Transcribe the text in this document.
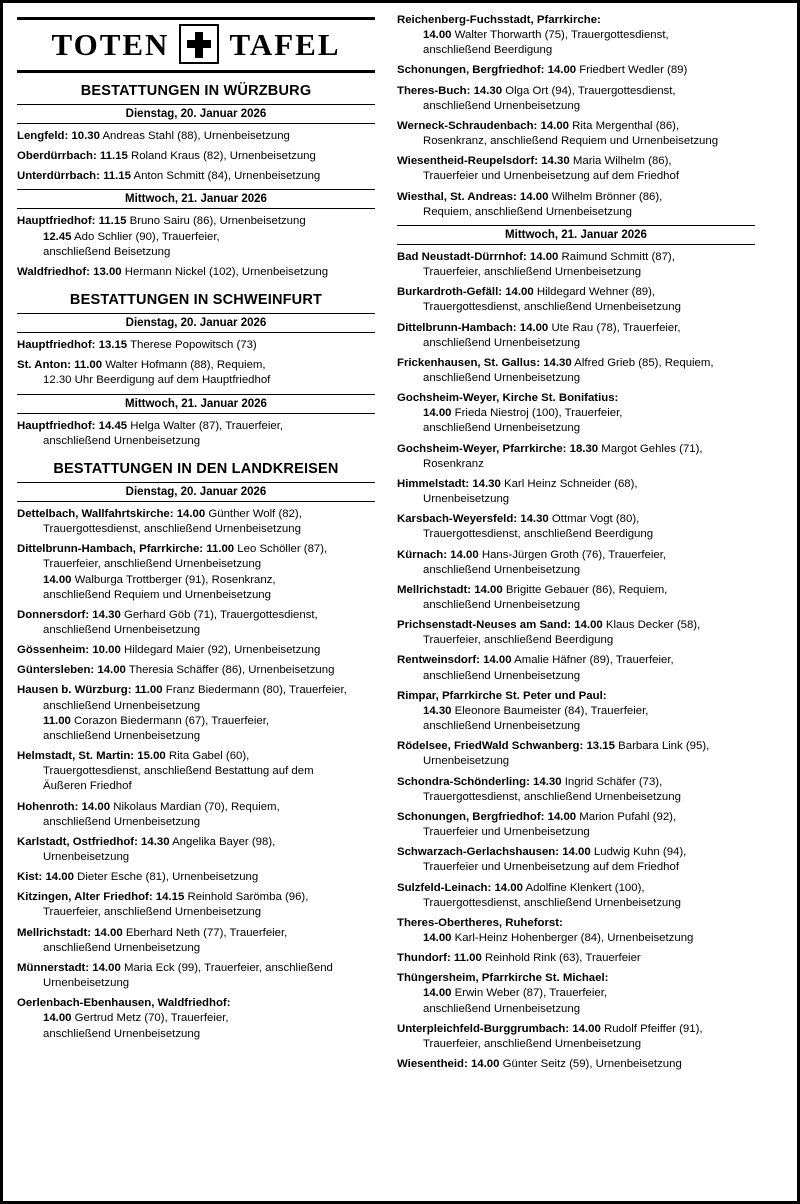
TOTEN TAFEL
BESTATTUNGEN IN WÜRZBURG
Dienstag, 20. Januar 2026
Lengfeld: 10.30 Andreas Stahl (88), Urnenbeisetzung
Oberdürrbach: 11.15 Roland Kraus (82), Urnenbeisetzung
Unterdürrbach: 11.15 Anton Schmitt (84), Urnenbeisetzung
Mittwoch, 21. Januar 2026
Hauptfriedhof: 11.15 Bruno Sairu (86), Urnenbeisetzung
12.45 Ado Schlier (90), Trauerfeier,
anschließend Beisetzung
Waldfriedhof: 13.00 Hermann Nickel (102), Urnenbeisetzung
BESTATTUNGEN IN SCHWEINFURT
Dienstag, 20. Januar 2026
Hauptfriedhof: 13.15 Therese Popowitsch (73)
St. Anton: 11.00 Walter Hofmann (88), Requiem,
12.30 Uhr Beerdigung auf dem Hauptfriedhof
Mittwoch, 21. Januar 2026
Hauptfriedhof: 14.45 Helga Walter (87), Trauerfeier,
anschließend Urnenbeisetzung
BESTATTUNGEN IN DEN LANDKREISEN
Dienstag, 20. Januar 2026
Dettelbach, Wallfahrtskirche: 14.00 Günther Wolf (82),
Trauergottesdienst, anschließend Urnenbeisetzung
Dittelbrunn-Hambach, Pfarrkirche: 11.00 Leo Schöller (87),
Trauerfeier, anschließend Urnenbeisetzung
14.00 Walburga Trottberger (91), Rosenkranz,
anschließend Requiem und Urnenbeisetzung
Donnersdorf: 14.30 Gerhard Göb (71), Trauergottesdienst,
anschließend Urnenbeisetzung
Gössenheim: 10.00 Hildegard Maier (92), Urnenbeisetzung
Güntersleben: 14.00 Theresia Schäffer (86), Urnenbeisetzung
Hausen b. Würzburg: 11.00 Franz Biedermann (80), Trauerfeier,
anschließend Urnenbeisetzung
11.00 Corazon Biedermann (67), Trauerfeier,
anschließend Urnenbeisetzung
Helmstadt, St. Martin: 15.00 Rita Gabel (60),
Trauergottesdienst, anschließend Bestattung auf dem
Äußeren Friedhof
Hohenroth: 14.00 Nikolaus Mardian (70), Requiem,
anschließend Urnenbeisetzung
Karlstadt, Ostfriedhof: 14.30 Angelika Bayer (98),
Urnenbeisetzung
Kist: 14.00 Dieter Esche (81), Urnenbeisetzung
Kitzingen, Alter Friedhof: 14.15 Reinhold Sarömba (96),
Trauerfeier, anschließend Urnenbeisetzung
Mellrichstadt: 14.00 Eberhard Neth (77), Trauerfeier,
anschließend Urnenbeisetzung
Münnerstadt: 14.00 Maria Eck (99), Trauerfeier, anschließend
Urnenbeisetzung
Oerlenbach-Ebenhausen, Waldfriedhof:
14.00 Gertrud Metz (70), Trauerfeier,
anschließend Urnenbeisetzung
Reichenberg-Fuchsstadt, Pfarrkirche:
14.00 Walter Thorwarth (75), Trauergottesdienst,
anschließend Beerdigung
Schonungen, Bergfriedhof: 14.00 Friedbert Wedler (89)
Theres-Buch: 14.30 Olga Ort (94), Trauergottesdienst,
anschließend Urnenbeisetzung
Werneck-Schraudenbach: 14.00 Rita Mergenthal (86),
Rosenkranz, anschließend Requiem und Urnenbeisetzung
Wiesentheid-Reupelsdorf: 14.30 Maria Wilhelm (86),
Trauerfeier und Urnenbeisetzung auf dem Friedhof
Wiesthal, St. Andreas: 14.00 Wilhelm Brönner (86),
Requiem, anschließend Urnenbeisetzung
Mittwoch, 21. Januar 2026
Bad Neustadt-Dürrnhof: 14.00 Raimund Schmitt (87),
Trauerfeier, anschließend Urnenbeisetzung
Burkardroth-Gefäll: 14.00 Hildegard Wehner (89),
Trauergottesdienst, anschließend Urnenbeisetzung
Dittelbrunn-Hambach: 14.00 Ute Rau (78), Trauerfeier,
anschließend Urnenbeisetzung
Frickenhausen, St. Gallus: 14.30 Alfred Grieb (85), Requiem,
anschließend Urnenbeisetzung
Gochsheim-Weyer, Kirche St. Bonifatius:
14.00 Frieda Niestroj (100), Trauerfeier,
anschließend Urnenbeisetzung
Gochsheim-Weyer, Pfarrkirche: 18.30 Margot Gehles (71),
Rosenkranz
Himmelstadt: 14.30 Karl Heinz Schneider (68),
Urnenbeisetzung
Karsbach-Weyersfeld: 14.30 Ottmar Vogt (80),
Trauergottesdienst, anschließend Beerdigung
Kürnach: 14.00 Hans-Jürgen Groth (76), Trauerfeier,
anschließend Urnenbeisetzung
Mellrichstadt: 14.00 Brigitte Gebauer (86), Requiem,
anschließend Urnenbeisetzung
Prichsenstadt-Neuses am Sand: 14.00 Klaus Decker (58),
Trauerfeier, anschließend Beerdigung
Rentweinsdorf: 14.00 Amalie Häfner (89), Trauerfeier,
anschließend Urnenbeisetzung
Rimpar, Pfarrkirche St. Peter und Paul:
14.30 Eleonore Baumeister (84), Trauerfeier,
anschließend Urnenbeisetzung
Rödelsee, FriedWald Schwanberg: 13.15 Barbara Link (95),
Urnenbeisetzung
Schondra-Schönderling: 14.30 Ingrid Schäfer (73),
Trauergottesdienst, anschließend Urnenbeisetzung
Schonungen, Bergfriedhof: 14.00 Marion Pufahl (92),
Trauerfeier und Urnenbeisetzung
Schwarzach-Gerlachshausen: 14.00 Ludwig Kuhn (94),
Trauerfeier und Urnenbeisetzung auf dem Friedhof
Sulzfeld-Leinach: 14.00 Adolfine Klenkert (100),
Trauergottesdienst, anschließend Urnenbeisetzung
Theres-Obertheres, Ruheforst:
14.00 Karl-Heinz Hohenberger (84), Urnenbeisetzung
Thundorf: 11.00 Reinhold Rink (63), Trauerfeier
Thüngersheim, Pfarrkirche St. Michael:
14.00 Erwin Weber (87), Trauerfeier,
anschließend Urnenbeisetzung
Unterpleichfeld-Burggrumbach: 14.00 Rudolf Pfeiffer (91),
Trauerfeier, anschließend Urnenbeisetzung
Wiesentheid: 14.00 Günter Seitz (59), Urnenbeisetzung
